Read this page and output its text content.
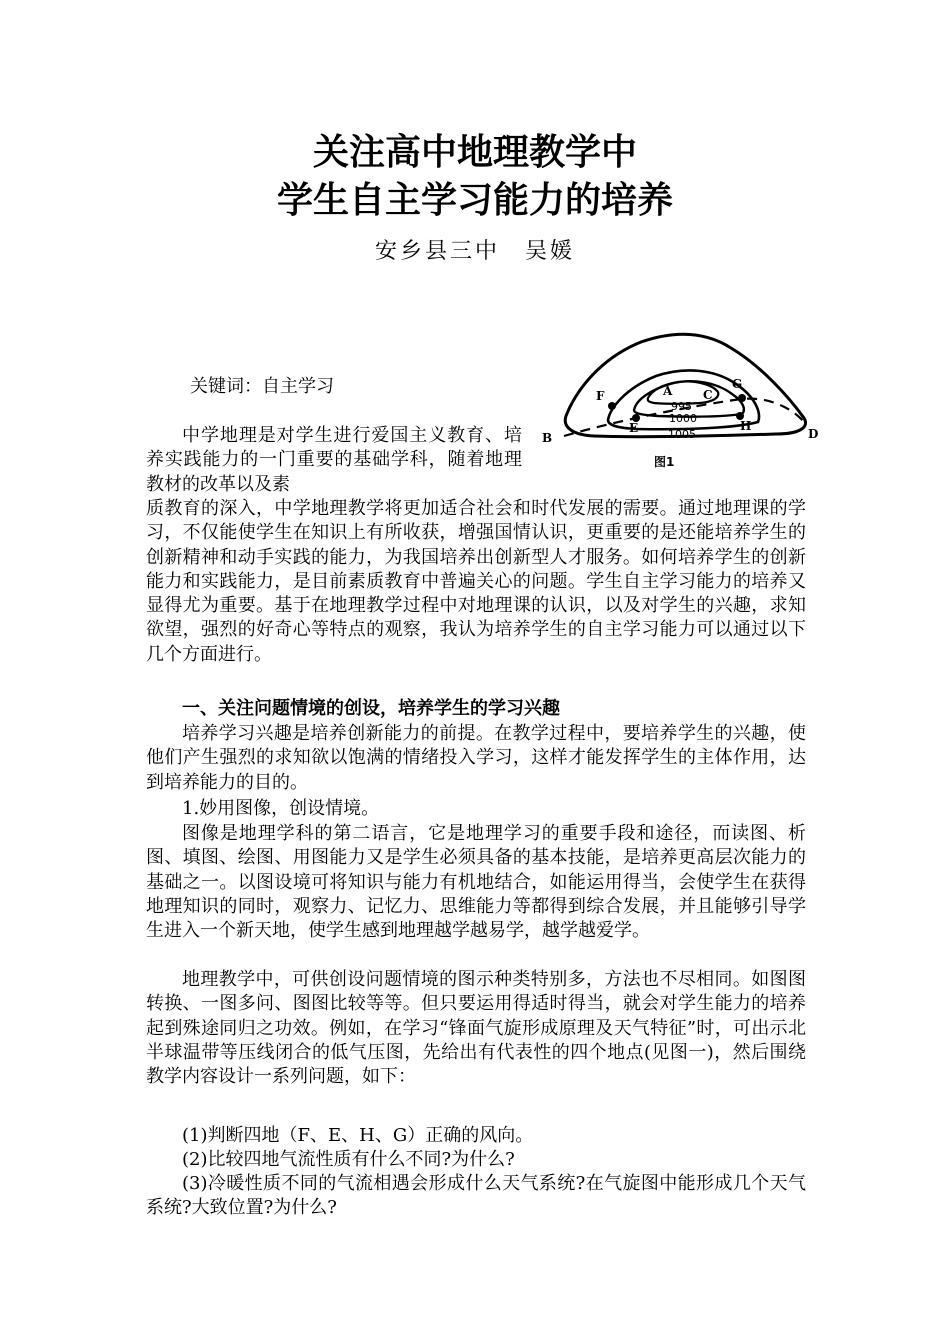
关注高中地理教学中
学生自主学习能力的培养
安乡县三中　吴媛
A	C
F
G
E	H
B	D
995
1000
1005
图1
关键词：自主学习

中学地理是对学生进行爱国主义教育、培养实践能力的一门重要的基础学科，随着地理教材的改革以及素

质教育的深入，中学地理教学将更加适合社会和时代发展的需要。通过地理课的学习，不仅能使学生在知识上有所收获，增强国情认识，更重要的是还能培养学生的创新精神和动手实践的能力，为我国培养出创新型人才服务。如何培养学生的创新能力和实践能力，是目前素质教育中普遍关心的问题。学生自主学习能力的培养又显得尤为重要。基于在地理教学过程中对地理课的认识，以及对学生的兴趣，求知欲望，强烈的好奇心等特点的观察，我认为培养学生的自主学习能力可以通过以下几个方面进行。

一、关注问题情境的创设，培养学生的学习兴趣

培养学习兴趣是培养创新能力的前提。在教学过程中，要培养学生的兴趣，使他们产生强烈的求知欲以饱满的情绪投入学习，这样才能发挥学生的主体作用，达到培养能力的目的。

1.妙用图像，创设情境。

图像是地理学科的第二语言，它是地理学习的重要手段和途径，而读图、析图、填图、绘图、用图能力又是学生必须具备的基本技能，是培养更高层次能力的基础之一。以图设境可将知识与能力有机地结合，如能运用得当，会使学生在获得地理知识的同时，观察力、记忆力、思维能力等都得到综合发展，并且能够引导学生进入一个新天地，使学生感到地理越学越易学，越学越爱学。

地理教学中，可供创设问题情境的图示种类特别多，方法也不尽相同。如图图转换、一图多问、图图比较等等。但只要运用得适时得当，就会对学生能力的培养起到殊途同归之功效。例如，在学习“锋面气旋形成原理及天气特征”时，可出示北半球温带等压线闭合的低气压图，先给出有代表性的四个地点(见图一)，然后围绕教学内容设计一系列问题，如下：

(1)判断四地（F、E、H、G）正确的风向。
(2)比较四地气流性质有什么不同?为什么?

(3)冷暖性质不同的气流相遇会形成什么天气系统?在气旋图中能形成几个天气系统?大致位置?为什么?
